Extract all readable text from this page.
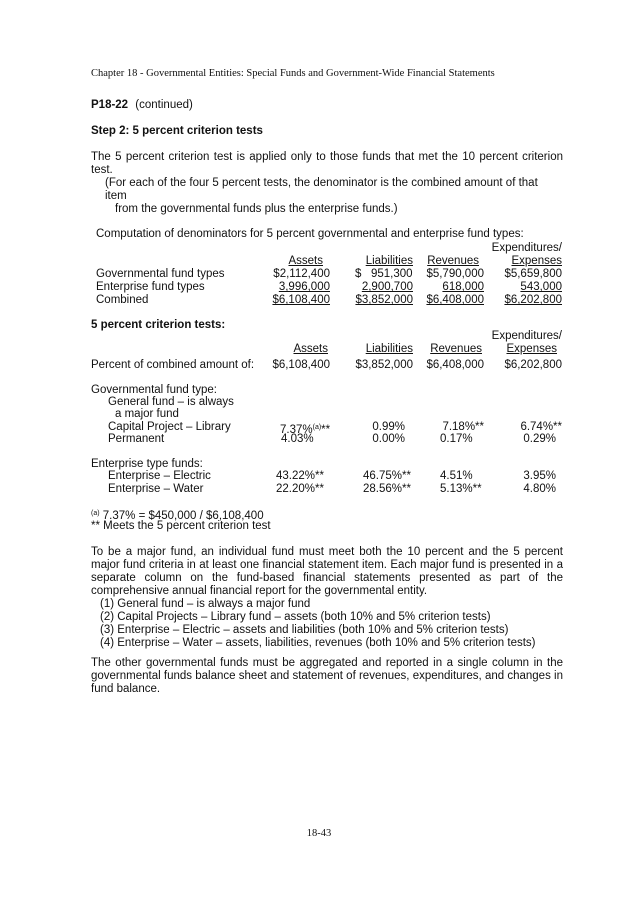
Chapter 18 - Governmental Entities: Special Funds and Government-Wide Financial Statements
P18-22 (continued)
Step 2: 5 percent criterion tests
The 5 percent criterion test is applied only to those funds that met the 10 percent criterion test.
(For each of the four 5 percent tests, the denominator is the combined amount of that
item
from the governmental funds plus the enterprise funds.)
Computation of denominators for 5 percent governmental and enterprise fund types:
Expenditures/
Assets	Liabilities	Revenues	Expenses
Governmental fund types	$2,112,400 $   951,300	$5,790,000	$5,659,800
Enterprise fund types	3,996,000	2,900,700	618,000	543,000
Combined	$6,108,400	$3,852,000	$6,408,000	$6,202,800
5 percent criterion tests:
Expenditures/
Assets	Liabilities	Revenues	Expenses
Percent of combined amount of:	$6,108,400	$3,852,000	$6,408,000	$6,202,800
Governmental fund type:
General fund – is always
a major fund
Capital Project – Library	7.37%$^{(a)}$**	0.99%	7.18%**	6.74%**
Permanent	4.03%	0.00%	0.17%	0.29%
Enterprise type funds:
Enterprise – Electric	43.22%**	46.75%**	4.51%	3.95%
Enterprise – Water	22.20%**	28.56%**	5.13%**	4.80%
$^{(a)}$ 7.37% = $450,000 / $6,108,400
** Meets the 5 percent criterion test
To be a major fund, an individual fund must meet both the 10 percent and the 5 percent major fund criteria in at least one financial statement item. Each major fund is presented in a separate column on the fund-based financial statements presented as part of the comprehensive annual financial report for the governmental entity.
(1) General fund – is always a major fund
(2) Capital Projects – Library fund – assets (both 10% and 5% criterion tests)
(3) Enterprise – Electric – assets and liabilities (both 10% and 5% criterion tests)
(4) Enterprise – Water – assets, liabilities, revenues (both 10% and 5% criterion tests)
The other governmental funds must be aggregated and reported in a single column in the governmental funds balance sheet and statement of revenues, expenditures, and changes in fund balance.
18-43
